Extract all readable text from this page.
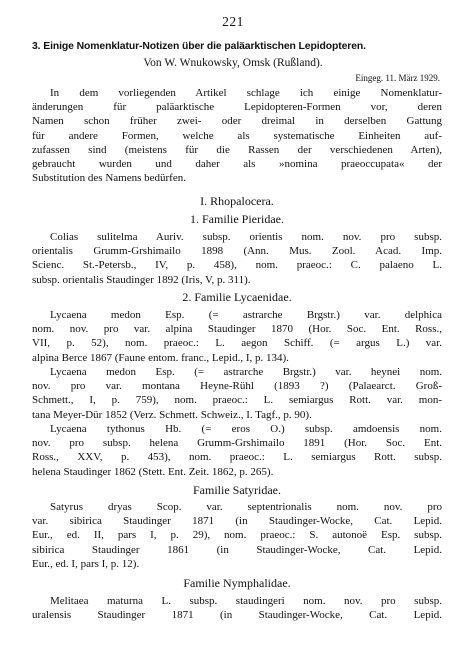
221
3. Einige Nomenklatur-Notizen über die paläarktischen Lepidopteren.
Von W. Wnukowsky, Omsk (Rußland).
Eingeg. 11. März 1929.
In dem vorliegenden Artikel schlage ich einige Nomenklatur-
änderungen für paläarktische Lepidopteren-Formen vor, deren
Namen schon früher zwei- oder dreimal in derselben Gattung
für andere Formen, welche als systematische Einheiten auf-
zufassen sind (meistens für die Rassen der verschiedenen Arten),
gebraucht wurden und daher als »nomina praeoccupata« der
Substitution des Namens bedürfen.
I. Rhopalocera.
1. Familie Pieridae.
Colias sulitelma Auriv. subsp. orientis nom. nov. pro subsp.
orientalis Grumm-Grshimailo 1898 (Ann. Mus. Zool. Acad. Imp.
Scienc. St.-Petersb., IV, p. 458), nom. praeoc.: C. palaeno L.
subsp. orientalis Staudinger 1892 (Iris, V, p. 311).
2. Familie Lycaenidae.
Lycaena medon Esp. (= astrarche Brgstr.) var. delphica
nom. nov. pro var. alpina Staudinger 1870 (Hor. Soc. Ent. Ross.,
VII, p. 52), nom. praeoc.: L. aegon Schiff. (= argus L.) var.
alpina Berce 1867 (Faune entom. franc., Lepid., I, p. 134).
Lycaena medon Esp. (= astrarche Brgstr.) var. heynei nom.
nov. pro var. montana Heyne-Rühl (1893 ?) (Palaearct. Groß-
Schmett., I, p. 759), nom. praeoc.: L. semiargus Rott. var. mon-
tana Meyer-Dür 1852 (Verz. Schmett. Schweiz., I. Tagf., p. 90).
Lycaena tythonus Hb. (= eros O.) subsp. amdoensis nom.
nov. pro subsp. helena Grumm-Grshimailo 1891 (Hor. Soc. Ent.
Ross., XXV, p. 453), nom. praeoc.: L. semiargus Rott. subsp.
helena Staudinger 1862 (Stett. Ent. Zeit. 1862, p. 265).
Familie Satyridae.
Satyrus dryas Scop. var. septentrionalis nom. nov. pro
var. sibirica Staudinger 1871 (in Staudinger-Wocke, Cat. Lepid.
Eur., ed. II, pars I, p. 29), nom. praeoc.: S. autonoë Esp. subsp.
sibirica Staudinger 1861 (in Staudinger-Wocke, Cat. Lepid.
Eur., ed. I, pars I, p. 12).
Familie Nymphalidae.
Melitaea maturna L. subsp. staudingeri nom. nov. pro subsp.
uralensis Staudinger 1871 (in Staudinger-Wocke, Cat. Lepid.
